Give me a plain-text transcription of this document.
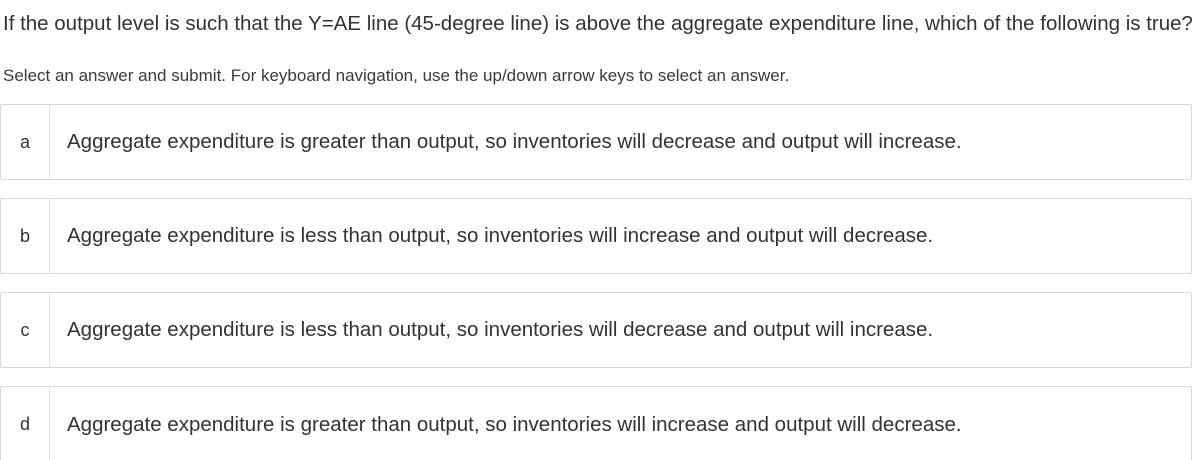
If the output level is such that the Y=AE line (45-degree line) is above the aggregate expenditure line, which of the following is true?
Select an answer and submit. For keyboard navigation, use the up/down arrow keys to select an answer.
a	Aggregate expenditure is greater than output, so inventories will decrease and output will increase.
b	Aggregate expenditure is less than output, so inventories will increase and output will decrease.
c	Aggregate expenditure is less than output, so inventories will decrease and output will increase.
d	Aggregate expenditure is greater than output, so inventories will increase and output will decrease.
